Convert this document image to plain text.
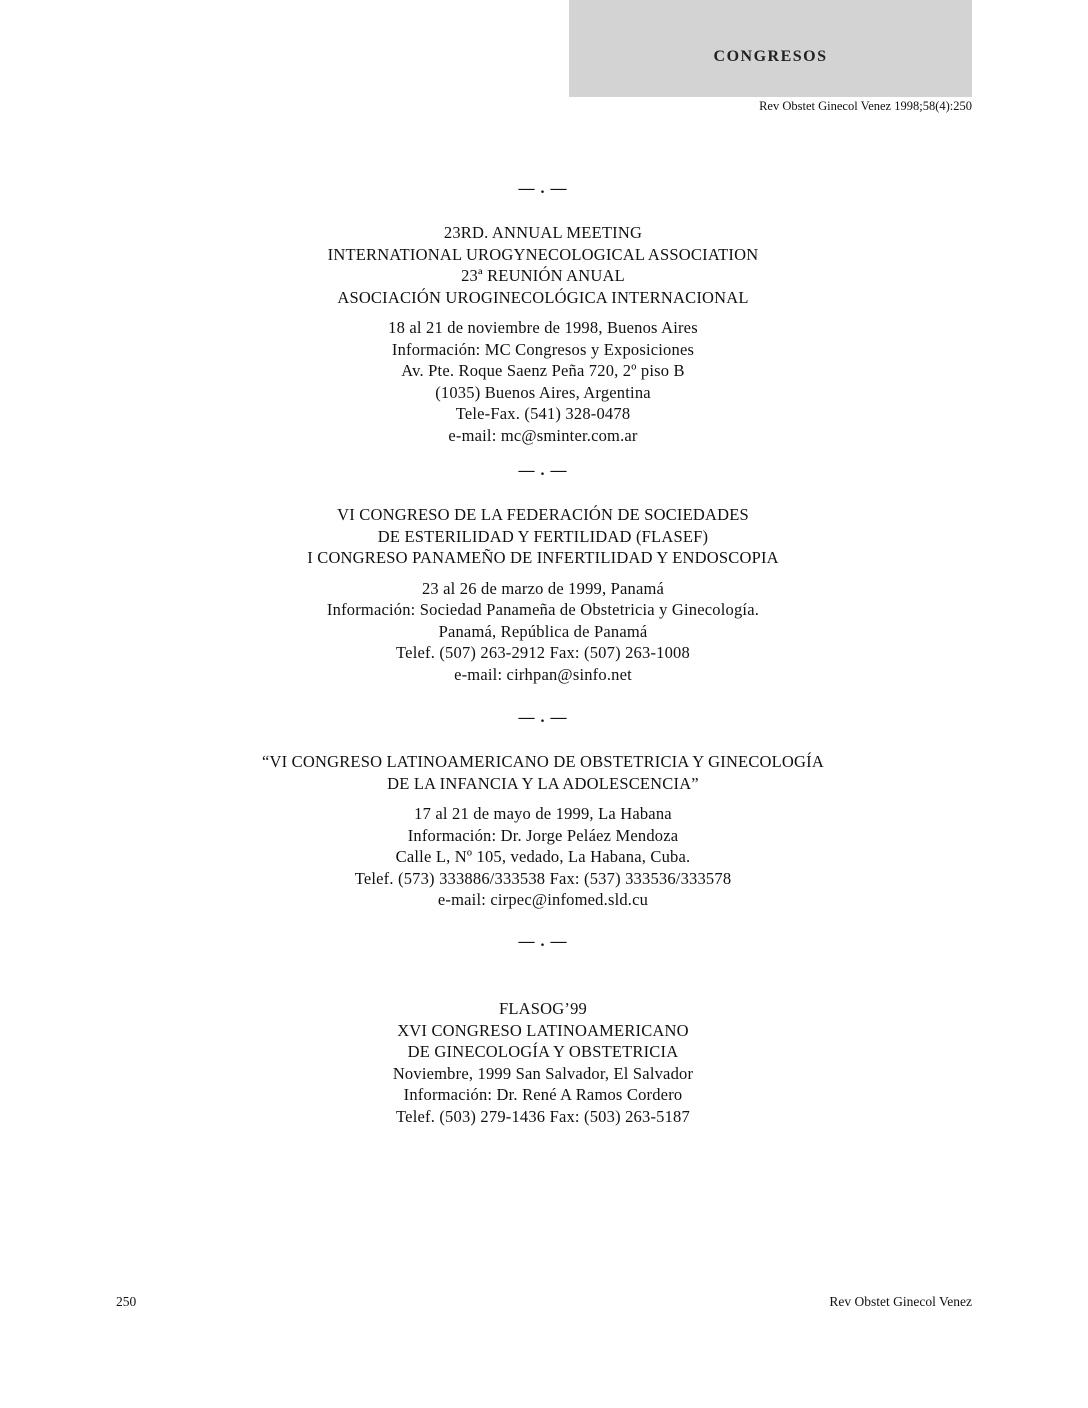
CONGRESOS
Rev Obstet Ginecol Venez 1998;58(4):250
— . —
23RD. ANNUAL MEETING
INTERNATIONAL UROGYNECOLOGICAL ASSOCIATION
23ª REUNIÓN ANUAL
ASOCIACIÓN UROGINECOLÓGICA INTERNACIONAL
18 al 21 de noviembre de 1998, Buenos Aires
Información: MC Congresos y Exposiciones
Av. Pte. Roque Saenz Peña 720, 2º piso B
(1035) Buenos Aires, Argentina
Tele-Fax. (541) 328-0478
e-mail: mc@sminter.com.ar
— . —
VI CONGRESO DE LA FEDERACIÓN DE SOCIEDADES
DE ESTERILIDAD Y FERTILIDAD (FLASEF)
I CONGRESO PANAMEÑO DE INFERTILIDAD Y ENDOSCOPIA
23 al 26 de marzo de 1999, Panamá
Información: Sociedad Panameña de Obstetricia y Ginecología.
Panamá, República de Panamá
Telef. (507) 263-2912 Fax: (507) 263-1008
e-mail: cirhpan@sinfo.net
— . —
“VI CONGRESO LATINOAMERICANO DE OBSTETRICIA Y GINECOLOGÍA
DE LA INFANCIA Y LA ADOLESCENCIA”
17 al 21 de mayo de 1999, La Habana
Información: Dr. Jorge Peláez Mendoza
Calle L, Nº 105, vedado, La Habana, Cuba.
Telef. (573) 333886/333538 Fax: (537) 333536/333578
e-mail: cirpec@infomed.sld.cu
— . —
FLASOG’99
XVI CONGRESO LATINOAMERICANO
DE GINECOLOGÍA Y OBSTETRICIA
Noviembre, 1999 San Salvador, El Salvador
Información: Dr. René A Ramos Cordero
Telef. (503) 279-1436 Fax: (503) 263-5187
250	Rev Obstet Ginecol Venez
